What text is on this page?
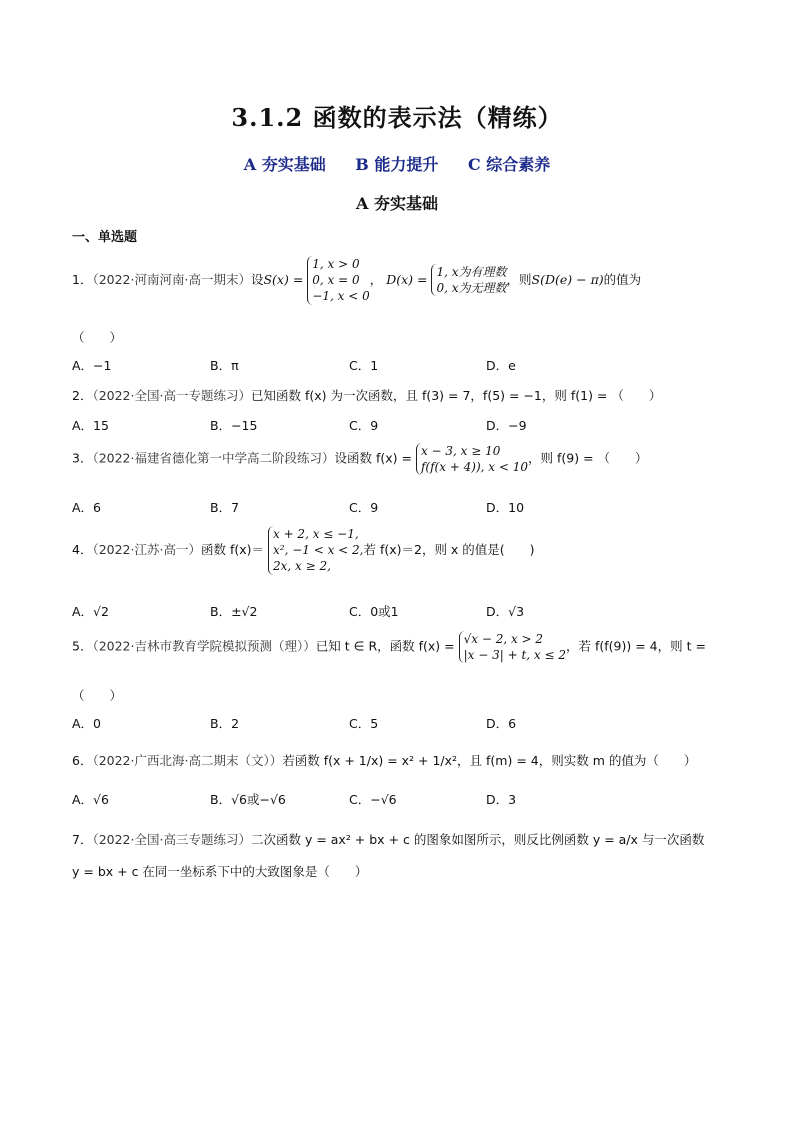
3.1.2 函数的表示法（精练）
A 夯实基础 B 能力提升 C 综合素养
A 夯实基础
一、单选题
1．（2022·河南河南·高一期末）设S(x) = 1, x > 0
0, x = 0
−1, x < 0， D(x) = 1, x为有理数
0, x为无理数，则S(D(e) − π)的值为
（　　）
A．−1	B．π	C．1	D．e
2．（2022·全国·高一专题练习）已知函数 f(x) 为一次函数，且 f(3) = 7，f(5) = −1，则 f(1) = （　　）
A．15	B．−15	C．9	D．−9
3．（2022·福建省德化第一中学高二阶段练习）设函数 f(x) = x − 3, x ≥ 10
f(f(x + 4)), x < 10，则 f(9) = （　　）
A．6	B．7	C．9	D．10
4．（2022·江苏·高一）函数 f(x)＝ x + 2, x ≤ −1,
x², −1 < x < 2,
2x, x ≥ 2,若 f(x)＝2，则 x 的值是(　　)
A．√2	B．±√2	C．0或1	D．√3
5．（2022·吉林市教育学院模拟预测（理））已知 t ∈ R，函数 f(x) = √x − 2, x > 2
|x − 3| + t, x ≤ 2，若 f(f(9)) = 4，则 t =
（　　）
A．0	B．2	C．5	D．6
6．（2022·广西北海·高二期末（文））若函数 f(x + 1/x) = x² + 1/x²，且 f(m) = 4，则实数 m 的值为（　　）
A．√6	B．√6或−√6	C．−√6	D．3
7．（2022·全国·高三专题练习）二次函数 y = ax² + bx + c 的图象如图所示，则反比例函数 y = a/x 与一次函数
y = bx + c 在同一坐标系下中的大致图象是（　　）
